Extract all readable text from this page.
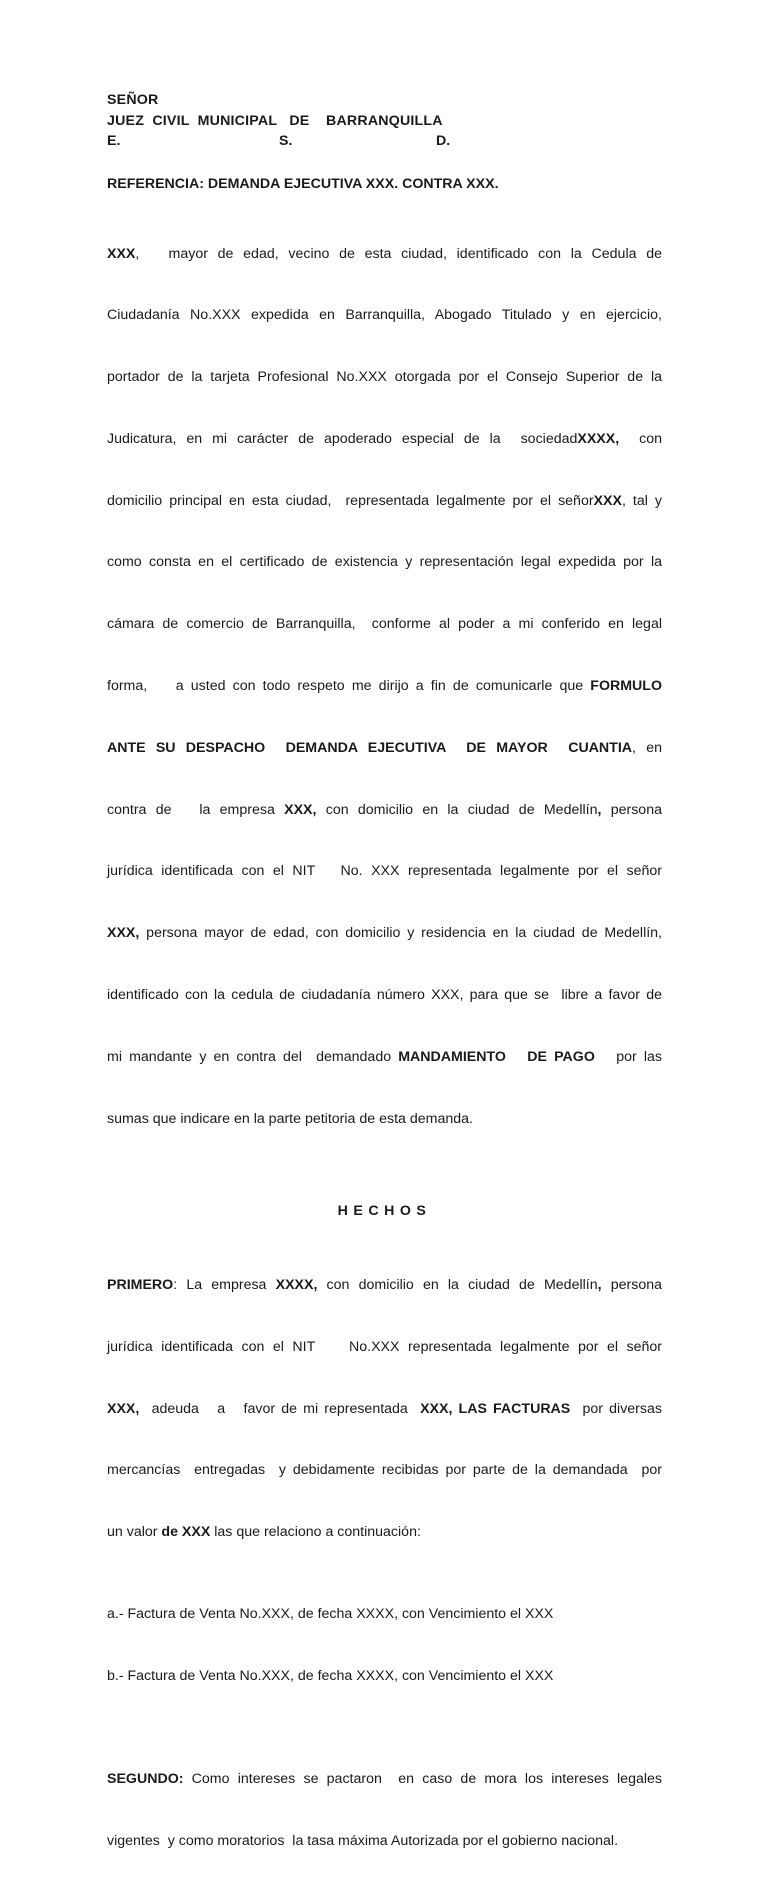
SEÑOR
JUEZ  CIVIL  MUNICIPAL   DE    BARRANQUILLA
E.	S.	D.
REFERENCIA: DEMANDA EJECUTIVA XXX. CONTRA XXX.

XXX,   mayor de edad, vecino de esta ciudad, identificado con la Cedula de

Ciudadanía No.XXX expedida en Barranquilla, Abogado Titulado y en ejercicio,

portador de la tarjeta Profesional No.XXX otorgada por el Consejo Superior de la

Judicatura, en mi carácter de apoderado especial de la  sociedadXXXX,  con

domicilio principal en esta ciudad,  representada legalmente por el señorXXX, tal y

como consta en el certificado de existencia y representación legal expedida por la

cámara de comercio de Barranquilla,  conforme al poder a mi conferido en legal

forma,    a usted con todo respeto me dirijo a fin de comunicarle que FORMULO

ANTE SU DESPACHO  DEMANDA EJECUTIVA  DE MAYOR  CUANTIA, en

contra de   la empresa XXX, con domicilio en la ciudad de Medellín, persona

jurídica identificada con el NIT   No. XXX representada legalmente por el señor

XXX, persona mayor de edad, con domicilio y residencia en la ciudad de Medellín,

identificado con la cedula de ciudadanía número XXX, para que se  libre a favor de

mi mandante y en contra del  demandado MANDAMIENTO   DE PAGO   por las

sumas que indicare en la parte petitoria de esta demanda.

HECHOS

PRIMERO: La empresa XXXX, con domicilio en la ciudad de Medellín, persona

jurídica identificada con el NIT    No.XXX representada legalmente por el señor

XXX,  adeuda   a   favor de mi representada  XXX, LAS FACTURAS  por diversas

mercancías  entregadas  y debidamente recibidas por parte de la demandada  por

un valor de XXX las que relaciono a continuación:

a.- Factura de Venta No.XXX, de fecha XXXX, con Vencimiento el XXX
b.- Factura de Venta No.XXX, de fecha XXXX, con Vencimiento el XXX

SEGUNDO: Como intereses se pactaron  en caso de mora los intereses legales

vigentes  y como moratorios  la tasa máxima Autorizada por el gobierno nacional.
